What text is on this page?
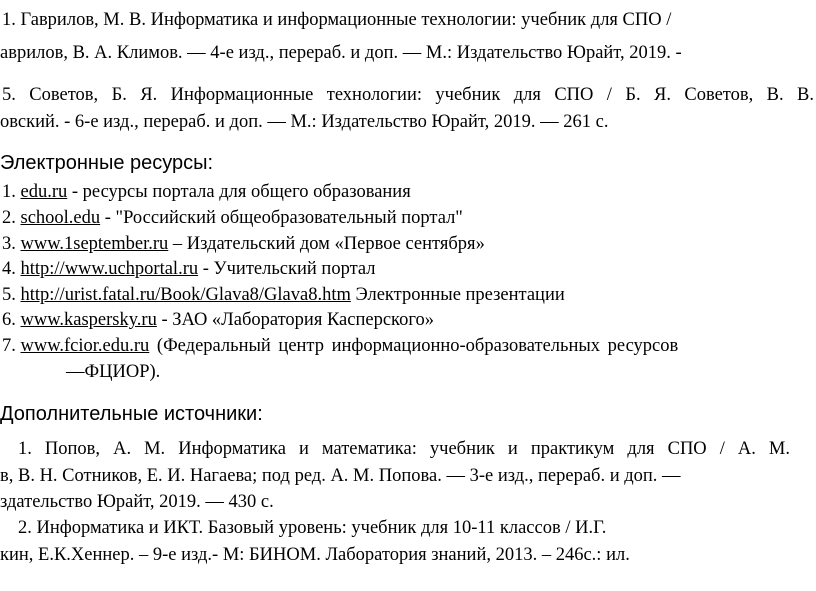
1. Гаврилов, М. В. Информатика и информационные технологии: учебник для СПО /
аврилов, В. А. Климов. — 4-е изд., перераб. и доп. — М.: Издательство Юрайт, 2019. -
5. Советов, Б. Я. Информационные технологии: учебник для СПО / Б. Я. Советов, В. В.
овский. - 6-е изд., перераб. и доп. — М.: Издательство Юрайт, 2019. — 261 с.
Электронные ресурсы:
1. edu.ru - ресурсы портала для общего образования
2. school.edu - "Российский общеобразовательный портал"
3. www.1september.ru – Издательский дом «Первое сентября»
4. http://www.uchportal.ru - Учительский портал
5. http://urist.fatal.ru/Book/Glava8/Glava8.htm Электронные презентации
6. www.kaspersky.ru - ЗАО «Лаборатория Касперского»
7. www.fcior.edu.ru (Федеральный центр информационно-образовательных ресурсов
—ФЦИОР).
Дополнительные источники:
1. Попов, А. М. Информатика и математика: учебник и практикум для СПО / А. М.
в, В. Н. Сотников, Е. И. Нагаева; под ред. А. М. Попова. — 3-е изд., перераб. и доп. —
здательство Юрайт, 2019. — 430 с.
2. Информатика и ИКТ. Базовый уровень: учебник для 10-11 классов / И.Г.
кин, Е.К.Хеннер. – 9-е изд.- М: БИНОМ. Лаборатория знаний, 2013. – 246с.: ил.
